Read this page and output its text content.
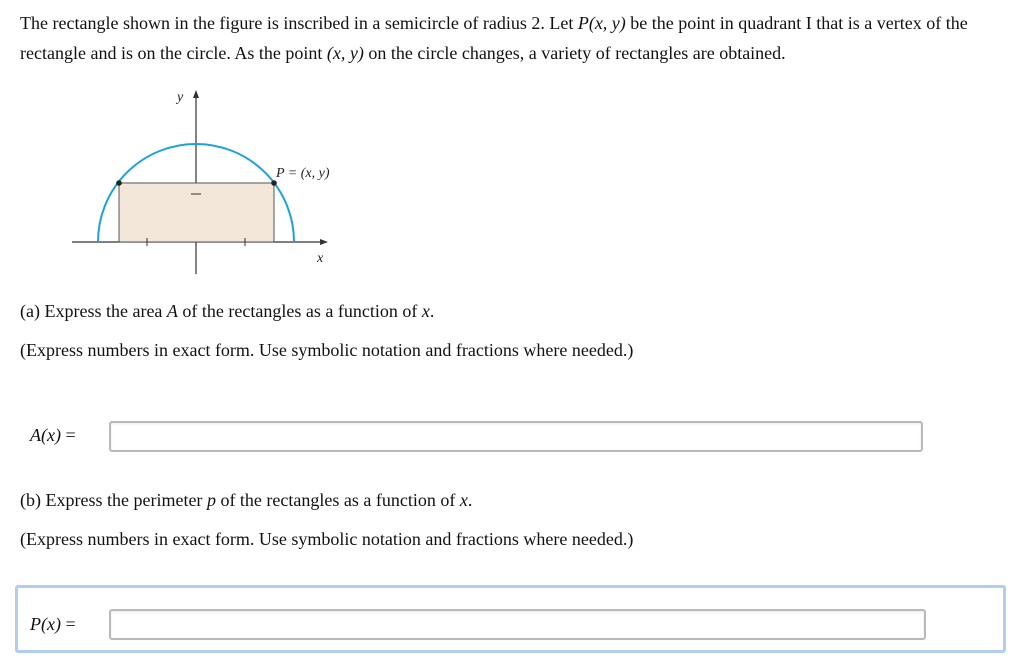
The rectangle shown in the figure is inscribed in a semicircle of radius 2. Let P(x, y) be the point in quadrant I that is a vertex of the rectangle and is on the circle. As the point (x, y) on the circle changes, a variety of rectangles are obtained.
y
x
P = (x, y)
(a) Express the area A of the rectangles as a function of x.
(Express numbers in exact form. Use symbolic notation and fractions where needed.)
A(x) =
(b) Express the perimeter p of the rectangles as a function of x.
(Express numbers in exact form. Use symbolic notation and fractions where needed.)
P(x) =
